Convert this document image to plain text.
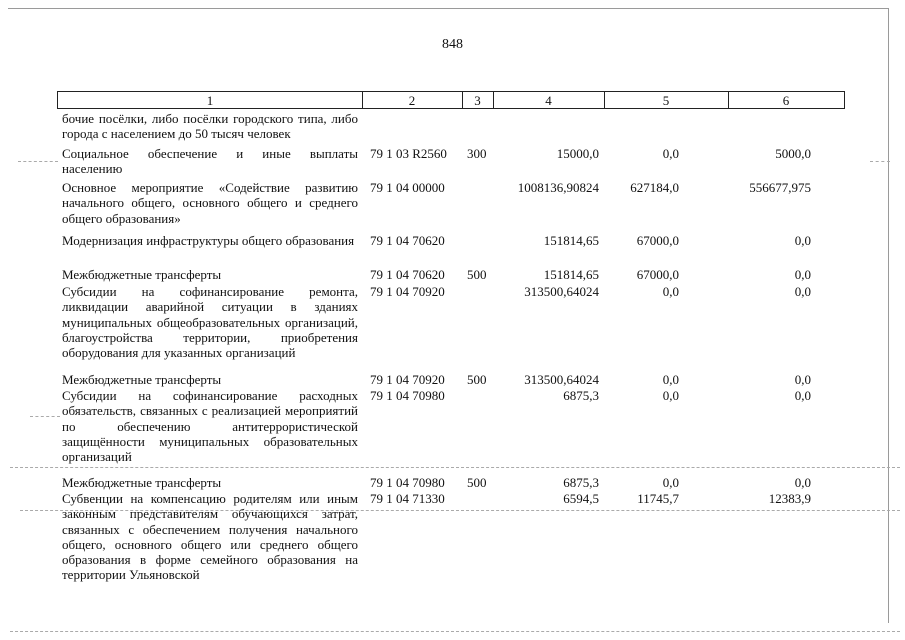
848
1	2	3	4	5	6
бочие посёлки, либо посёлки городского типа, либо города с населением до 50 тысяч человек
Социальное обеспечение и иные выплаты населению
79 1 03 R2560 300	15000,0	0,0	5000,0
Основное мероприятие «Содействие развитию начального общего, основного общего и среднего общего образования»
79 1 04 00000	1008136,90824	627184,0	556677,975
Модернизация инфраструктуры общего образования 79 1 04 70620	151814,65	67000,0	0,0
Межбюджетные трансферты	79 1 04 70620 500	151814,65	67000,0	0,0
Субсидии на софинансирование ремонта, ликвидации аварийной ситуации в зданиях муниципальных общеобразовательных организаций, благоустройства территории, приобретения оборудования для указанных организаций
79 1 04 70920	313500,64024	0,0	0,0
Межбюджетные трансферты	79 1 04 70920 500	313500,64024	0,0	0,0
Субсидии на софинансирование расходных обязательств, связанных с реализацией мероприятий по обеспечению антитеррористической защищённости муниципальных образовательных организаций
79 1 04 70980	6875,3	0,0	0,0
Межбюджетные трансферты	79 1 04 70980 500	6875,3	0,0	0,0
Субвенции на компенсацию родителям или иным законным представителям обучающихся затрат, связанных с обеспечением получения начального общего, основного общего или среднего общего образования в форме семейного образования на территории Ульяновской
79 1 04 71330	6594,5	11745,7	12383,9
